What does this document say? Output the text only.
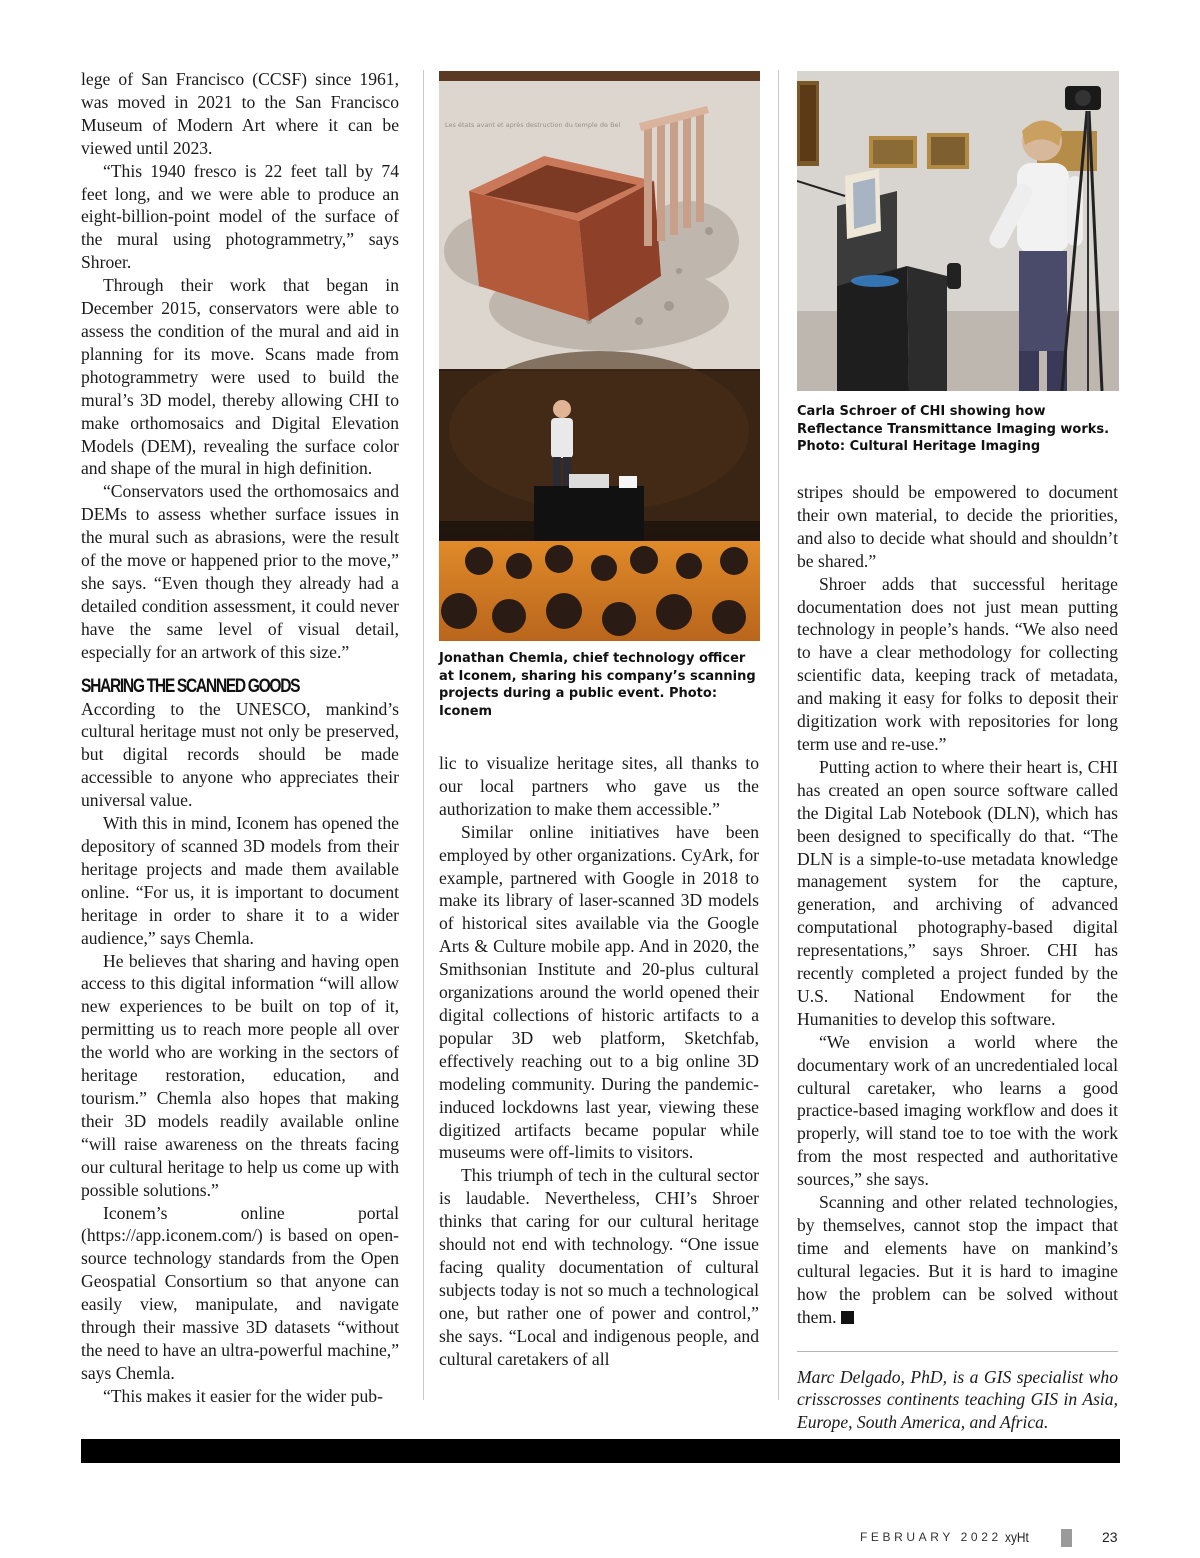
lege of San Francisco (CCSF) since 1961, was moved in 2021 to the San Francisco Museum of Modern Art where it can be viewed until 2023.

“This 1940 fresco is 22 feet tall by 74 feet long, and we were able to produce an eight-billion-point model of the surface of the mural using photogrammetry,” says Shroer.

Through their work that began in December 2015, conservators were able to assess the condition of the mural and aid in planning for its move. Scans made from photogrammetry were used to build the mural’s 3D model, thereby allowing CHI to make orthomosaics and Digital Elevation Models (DEM), revealing the surface color and shape of the mural in high definition.

“Conservators used the orthomosaics and DEMs to assess whether surface issues in the mural such as abrasions, were the result of the move or happened prior to the move,” she says. “Even though they already had a detailed condition assessment, it could never have the same level of visual detail, especially for an artwork of this size.”

SHARING THE SCANNED GOODS

According to the UNESCO, mankind’s cultural heritage must not only be preserved, but digital records should be made accessible to anyone who appreciates their universal value.

With this in mind, Iconem has opened the depository of scanned 3D models from their heritage projects and made them available online. “For us, it is important to document heritage in order to share it to a wider audience,” says Chemla.

He believes that sharing and having open access to this digital information “will allow new experiences to be built on top of it, permitting us to reach more people all over the world who are working in the sectors of heritage restoration, education, and tourism.” Chemla also hopes that making their 3D models readily available online “will raise awareness on the threats facing our cultural heritage to help us come up with possible solutions.”

Iconem’s online portal (https://app.iconem.com/) is based on open-source technology standards from the Open Geospatial Consortium so that anyone can easily view, manipulate, and navigate through their massive 3D datasets “without the need to have an ultra-powerful machine,” says Chemla.

“This makes it easier for the wider pub-

Les états avant et après destruction du temple de Bel
Jonathan Chemla, chief technology officer at Iconem, sharing his company’s scanning projects during a public event. Photo: Iconem

lic to visualize heritage sites, all thanks to our local partners who gave us the authorization to make them accessible.”

Similar online initiatives have been employed by other organizations. CyArk, for example, partnered with Google in 2018 to make its library of laser-scanned 3D models of historical sites available via the Google Arts & Culture mobile app. And in 2020, the Smithsonian Institute and 20-plus cultural organizations around the world opened their digital collections of historic artifacts to a popular 3D web platform, Sketchfab, effectively reaching out to a big online 3D modeling community. During the pandemic-induced lockdowns last year, viewing these digitized artifacts became popular while museums were off-limits to visitors.

This triumph of tech in the cultural sector is laudable. Nevertheless, CHI’s Shroer thinks that caring for our cultural heritage should not end with technology. “One issue facing quality documentation of cultural subjects today is not so much a technological one, but rather one of power and control,” she says. “Local and indigenous people, and cultural caretakers of all

Carla Schroer of CHI showing how Reflectance Transmittance Imaging works. Photo: Cultural Heritage Imaging

stripes should be empowered to document their own material, to decide the priorities, and also to decide what should and shouldn’t be shared.”

Shroer adds that successful heritage documentation does not just mean putting technology in people’s hands. “We also need to have a clear methodology for collecting scientific data, keeping track of metadata, and making it easy for folks to deposit their digitization work with repositories for long term use and re-use.”

Putting action to where their heart is, CHI has created an open source software called the Digital Lab Notebook (DLN), which has been designed to specifically do that. “The DLN is a simple-to-use metadata knowledge management system for the capture, generation, and archiving of advanced computational photography-based digital representations,” says Shroer. CHI has recently completed a project funded by the U.S. National Endowment for the Humanities to develop this software.

“We envision a world where the documentary work of an uncredentialed local cultural caretaker, who learns a good practice-based imaging workflow and does it properly, will stand toe to toe with the work from the most respected and authoritative sources,” she says.

Scanning and other related technologies, by themselves, cannot stop the impact that time and elements have on mankind’s cultural legacies. But it is hard to imagine how the problem can be solved without them.

Marc Delgado, PhD, is a GIS specialist who crisscrosses continents teaching GIS in Asia, Europe, South America, and Africa.

FEBRUARY 2022 xyHt	23
